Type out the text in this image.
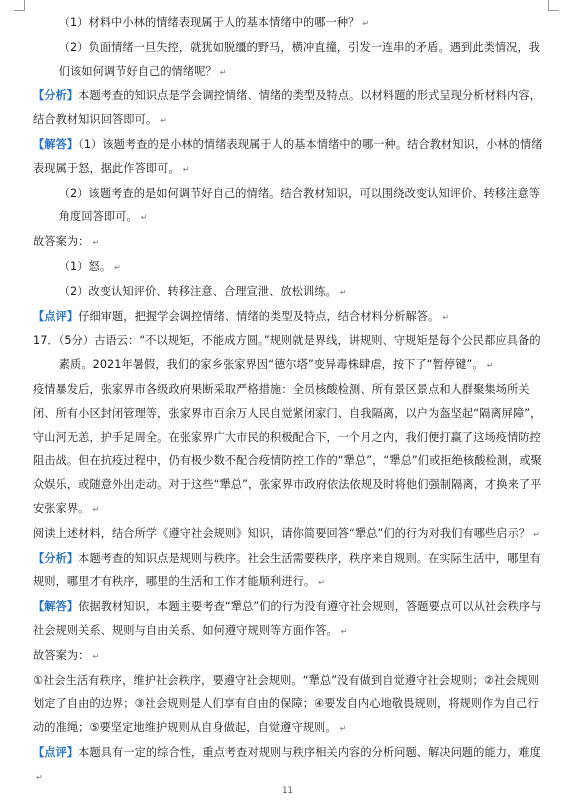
（1）材料中小林的情绪表现属于人的基本情绪中的哪一种？ ↵

（2）负面情绪一旦失控，就犹如脱缰的野马，横冲直撞，引发一连串的矛盾。遇到此类情况，我们该如何调节好自己的情绪呢？ ↵

【分析】本题考查的知识点是学会调控情绪、情绪的类型及特点。以材料题的形式呈现分析材料内容，结合教材知识回答即可。 ↵

【解答】（1）该题考查的是小林的情绪表现属于人的基本情绪中的哪一种。结合教材知识，小林的情绪表现属于怒，据此作答即可。 ↵

（2）该题考查的是如何调节好自己的情绪。结合教材知识，可以围绕改变认知评价、转移注意等角度回答即可。 ↵

故答案为： ↵

（1）怒。 ↵

（2）改变认知评价、转移注意、合理宣泄、放松训练。 ↵

【点评】仔细审题，把握学会调控情绪、情绪的类型及特点，结合材料分析解答。 ↵

17．（5分）古语云：“不以规矩，不能成方圆。”规则就是界线，讲规则、守规矩是每个公民都应具备的素质。2021年暑假，我们的家乡张家界因“德尔塔”变异毒株肆虐，按下了“暂停键”。 ↵

疫情暴发后，张家界市各级政府果断采取严格措施：全员核酸检测、所有景区景点和人群聚集场所关闭、所有小区封闭管理等，张家界市百余万人民自觉紧闭家门、自我隔离，以户为盔坚起“隔离屏障”，守山河无恙，护手足周全。在张家界广大市民的积极配合下，一个月之内，我们便打赢了这场疫情防控阻击战。但在抗疫过程中，仍有极少数不配合疫情防控工作的“犟总”，“犟总”们或拒绝核酸检测，或聚众娱乐，或随意外出走动。对于这些“犟总”，张家界市政府依法依规及时将他们强制隔离，才换来了平安张家界。 ↵

阅读上述材料，结合所学《遵守社会规则》知识，请你简要回答“犟总”们的行为对我们有哪些启示？ ↵

【分析】本题考查的知识点是规则与秩序。社会生活需要秩序，秩序来自规则。在实际生活中，哪里有规则，哪里才有秩序，哪里的生活和工作才能顺利进行。 ↵

【解答】依据教材知识，本题主要考查“犟总”们的行为没有遵守社会规则，答题要点可以从社会秩序与社会规则关系、规则与自由关系、如何遵守规则等方面作答。 ↵

故答案为： ↵

①社会生活有秩序，维护社会秩序，要遵守社会规则。“犟总”没有做到自觉遵守社会规则；②社会规则划定了自由的边界；③社会规则是人们享有自由的保障；④要发自内心地敬畏规则，将规则作为自己行动的准绳；⑤要坚定地维护规则从自身做起，自觉遵守规则。 ↵

【点评】本题具有一定的综合性，重点考查对规则与秩序相关内容的分析问题、解决问题的能力，难度↵

11
